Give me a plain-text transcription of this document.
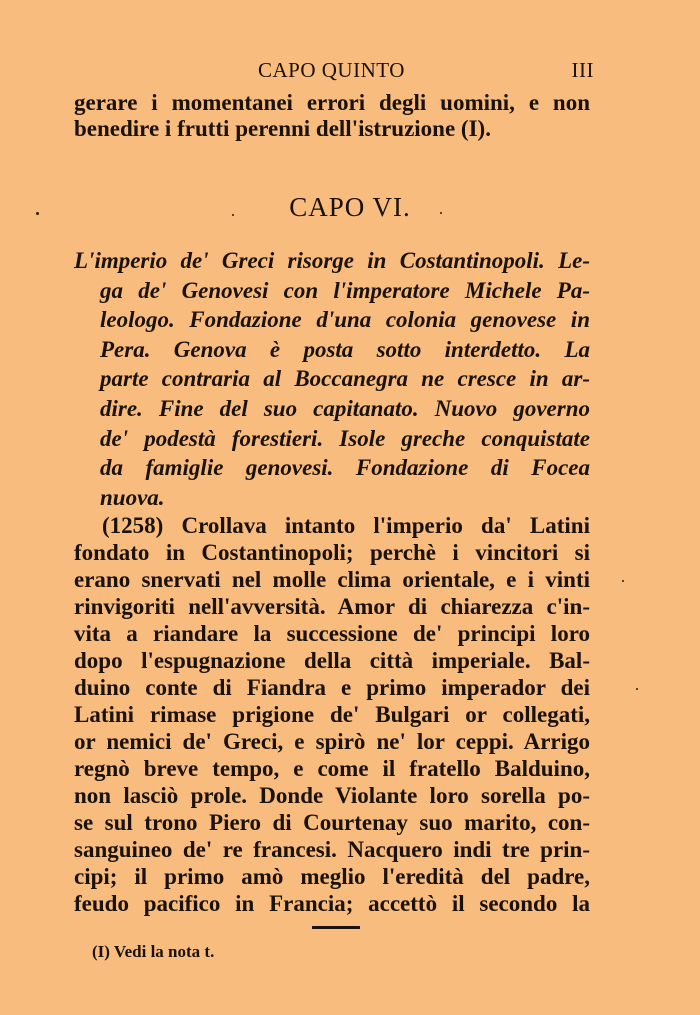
CAPO QUINTO	III
gerare i momentanei errori degli uomini, e non
benedire i frutti perenni dell'istruzione (I).
CAPO VI.
L'imperio de' Greci risorge in Costantinopoli. Le-
ga de' Genovesi con l'imperatore Michele Pa-
leologo. Fondazione d'una colonia genovese in
Pera. Genova è posta sotto interdetto. La
parte contraria al Boccanegra ne cresce in ar-
dire. Fine del suo capitanato. Nuovo governo
de' podestà forestieri. Isole greche conquistate
da famiglie genovesi. Fondazione di Focea
nuova.
(1258) Crollava intanto l'imperio da' Latini
fondato in Costantinopoli; perchè i vincitori si
erano snervati nel molle clima orientale, e i vinti
rinvigoriti nell'avversità. Amor di chiarezza c'in-
vita a riandare la successione de' principi loro
dopo l'espugnazione della città imperiale. Bal-
duino conte di Fiandra e primo imperador dei
Latini rimase prigione de' Bulgari or collegati,
or nemici de' Greci, e spirò ne' lor ceppi. Arrigo
regnò breve tempo, e come il fratello Balduino,
non lasciò prole. Donde Violante loro sorella po-
se sul trono Piero di Courtenay suo marito, con-
sanguineo de' re francesi. Nacquero indi tre prin-
cipi; il primo amò meglio l'eredità del padre,
feudo pacifico in Francia; accettò il secondo la
(I) Vedi la nota t.
